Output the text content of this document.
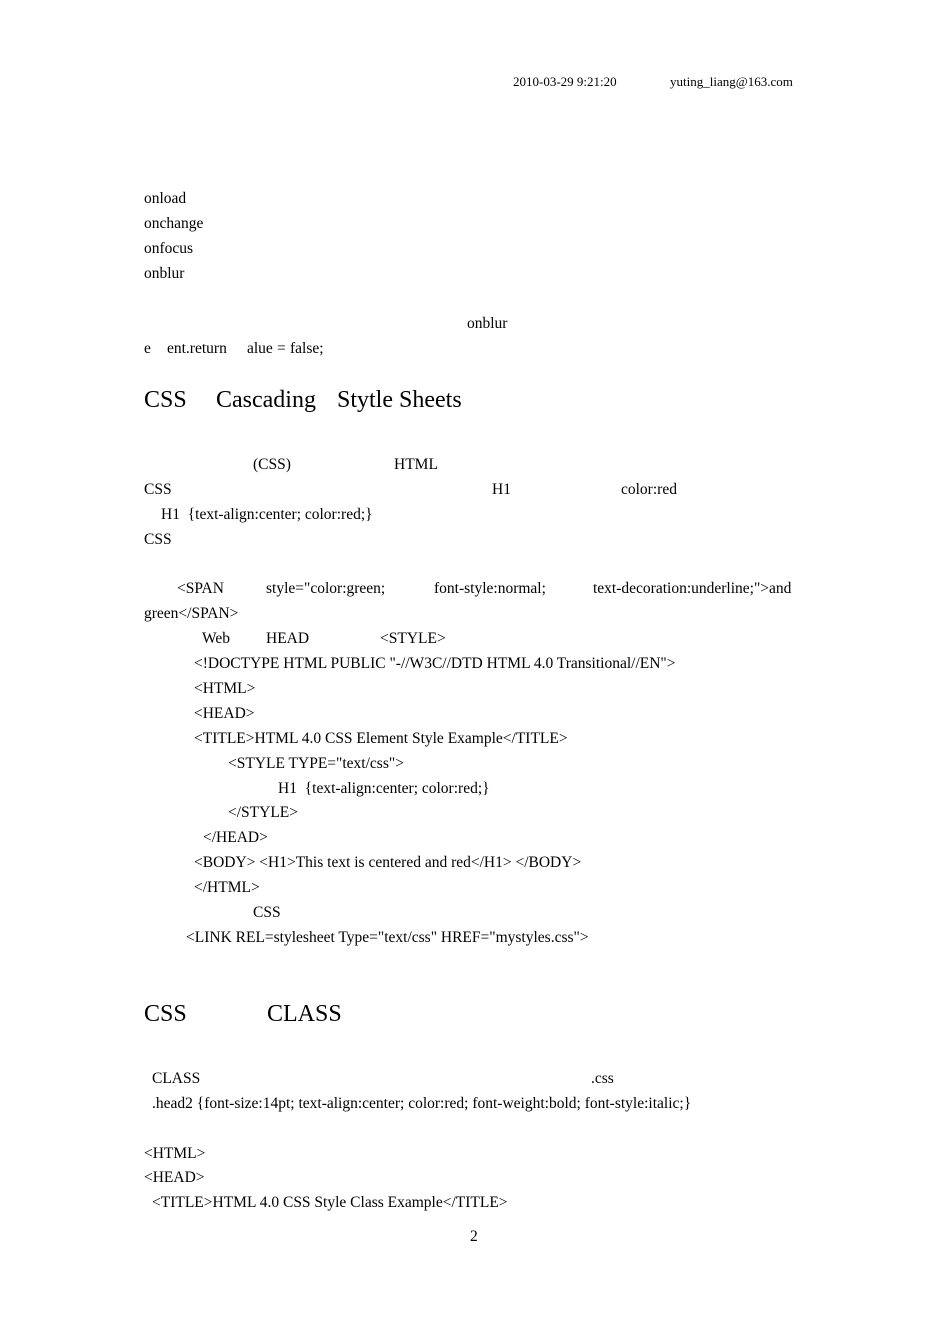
2010-03-29 9:21:20	yuting_liang@163.com
onload
onchange
onfocus
onblur
onblur
e ent.return alue = false;
CSS Cascading Stytle Sheets
(CSS)	HTML
CSS	H1	color:red
H1  {text-align:center; color:red;}
CSS
<SPAN	style="color:green;	font-style:normal;	text-decoration:underline;">and
green</SPAN>
Web HEAD	<STYLE>
<!DOCTYPE HTML PUBLIC "-//W3C//DTD HTML 4.0 Transitional//EN">
<HTML>
<HEAD>
<TITLE>HTML 4.0 CSS Element Style Example</TITLE>
<STYLE TYPE="text/css">
H1  {text-align:center; color:red;}
</STYLE>
</HEAD>
<BODY> <H1>This text is centered and red</H1> </BODY>
</HTML>
CSS
<LINK REL=stylesheet Type="text/css" HREF="mystyles.css">
CSS	CLASS
CLASS	.css
.head2 {font-size:14pt; text-align:center; color:red; font-weight:bold; font-style:italic;}
<HTML>
<HEAD>
<TITLE>HTML 4.0 CSS Style Class Example</TITLE>
2
